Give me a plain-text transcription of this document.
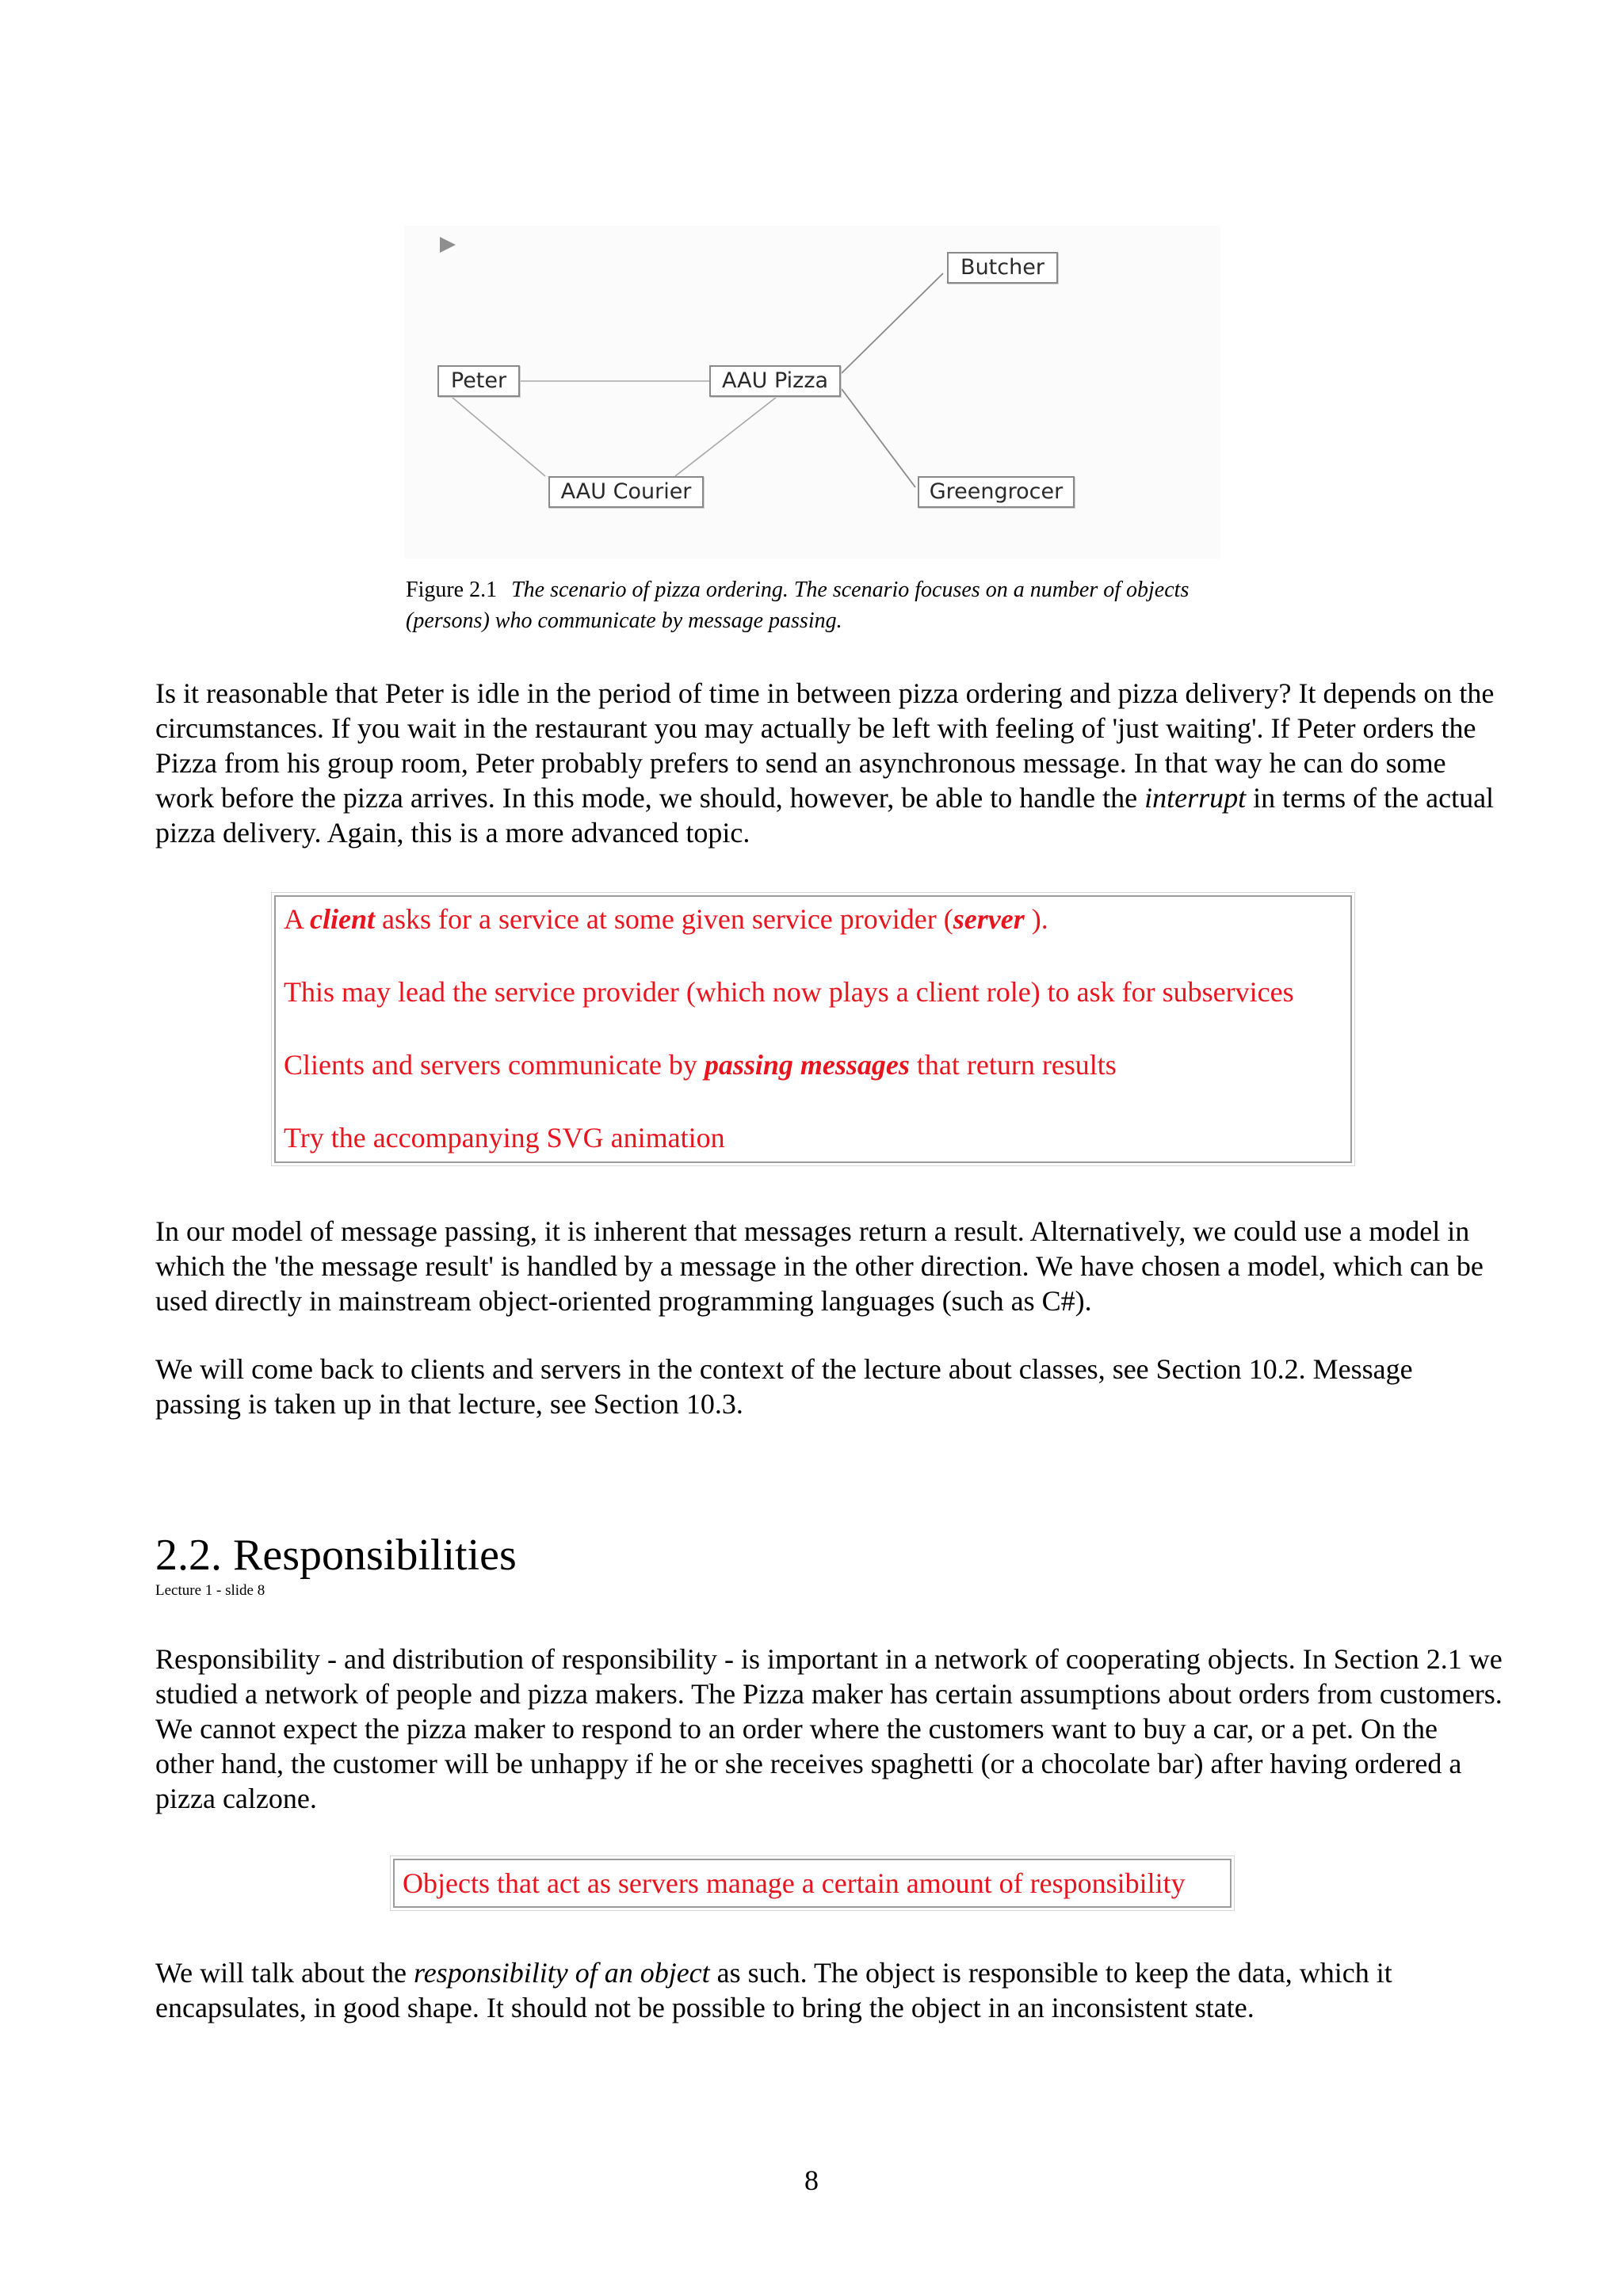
Butcher
Peter	AAU Pizza
AAU Courier	Greengrocer
Figure 2.1 The scenario of pizza ordering. The scenario focuses on a number of objects (persons) who communicate by message passing.
Is it reasonable that Peter is idle in the period of time in between pizza ordering and pizza delivery? It depends on the circumstances. If you wait in the restaurant you may actually be left with feeling of 'just waiting'. If Peter orders the Pizza from his group room, Peter probably prefers to send an asynchronous message. In that way he can do some work before the pizza arrives. In this mode, we should, however, be able to handle the interrupt in terms of the actual pizza delivery. Again, this is a more advanced topic.
A client asks for a service at some given service provider (server ).
This may lead the service provider (which now plays a client role) to ask for subservices
Clients and servers communicate by passing messages that return results
Try the accompanying SVG animation
In our model of message passing, it is inherent that messages return a result. Alternatively, we could use a model in which the 'the message result' is handled by a message in the other direction. We have chosen a model, which can be used directly in mainstream object-oriented programming languages (such as C#).
We will come back to clients and servers in the context of the lecture about classes, see Section 10.2. Message passing is taken up in that lecture, see Section 10.3.
2.2. Responsibilities
Lecture 1 - slide 8
Responsibility - and distribution of responsibility - is important in a network of cooperating objects. In Section 2.1 we studied a network of people and pizza makers. The Pizza maker has certain assumptions about orders from customers. We cannot expect the pizza maker to respond to an order where the customers want to buy a car, or a pet. On the other hand, the customer will be unhappy if he or she receives spaghetti (or a chocolate bar) after having ordered a pizza calzone.
Objects that act as servers manage a certain amount of responsibility
We will talk about the responsibility of an object as such. The object is responsible to keep the data, which it encapsulates, in good shape. It should not be possible to bring the object in an inconsistent state.
8
